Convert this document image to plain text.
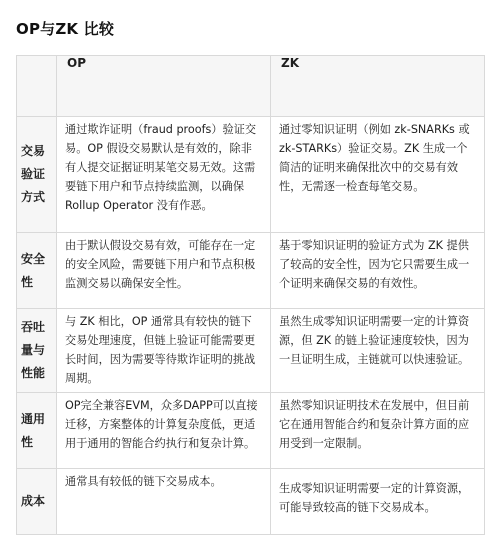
OP与ZK 比较

	OP	ZK

交易验证方式	通过欺诈证明（fraud proofs）验证交易。OP 假设交易默认是有效的，除非有人提交证据证明某笔交易无效。这需要链下用户和节点持续监测，以确保 Rollup Operator 没有作恶。	通过零知识证明（例如 zk-SNARKs 或 zk-STARKs）验证交易。ZK 生成一个简洁的证明来确保批次中的交易有效性，无需逐一检查每笔交易。

安全性	由于默认假设交易有效，可能存在一定的安全风险，需要链下用户和节点积极监测交易以确保安全性。	基于零知识证明的验证方式为 ZK 提供了较高的安全性，因为它只需要生成一个证明来确保交易的有效性。

吞吐量与性能	与 ZK 相比，OP 通常具有较快的链下交易处理速度，但链上验证可能需要更长时间，因为需要等待欺诈证明的挑战周期。	虽然生成零知识证明需要一定的计算资源，但 ZK 的链上验证速度较快，因为一旦证明生成，主链就可以快速验证。

通用性	OP完全兼容EVM，众多DAPP可以直接迁移，方案整体的计算复杂度低，更适用于通用的智能合约执行和复杂计算。	虽然零知识证明技术在发展中，但目前它在通用智能合约和复杂计算方面的应用受到一定限制。

成本	通常具有较低的链下交易成本。	生成零知识证明需要一定的计算资源，可能导致较高的链下交易成本。
